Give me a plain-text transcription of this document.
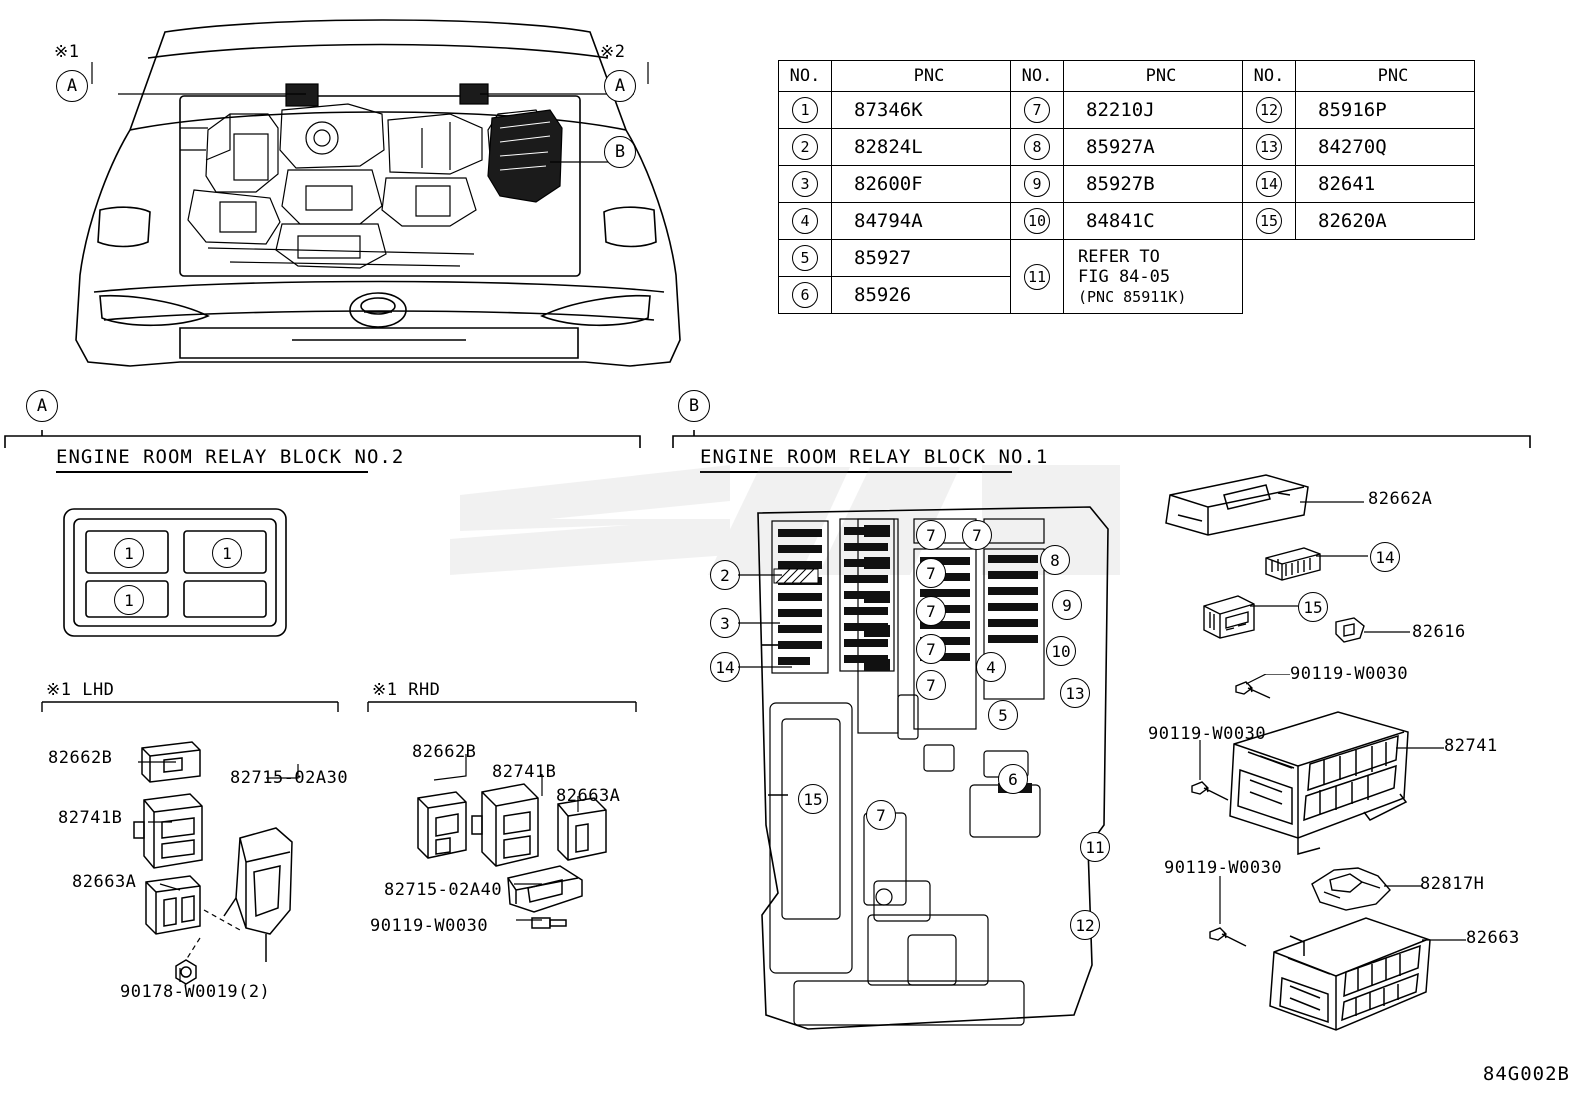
※1	※2
A	A
B
NO.	PNC	NO.	PNC	NO.	PNC
1	87346K	7	82210J	12	85916P
2	82824L	8	85927A	13	84270Q
3	82600F	9	85927B	14	82641
4	84794A	10	84841C	15	82620A
5	85927	11	REFER TO
FIG 84-05
(PNC 85911K)		

6	85926				
A
ENGINE ROOM RELAY BLOCK NO.2
1	1
1
※1 LHD
82662B
82741B
82663A
82715-02A30
90178-W0019(2)
※1 RHD
82662B
82741B
82663A
82715-02A40
90119-W0030
B
ENGINE ROOM RELAY BLOCK NO.1
2
3
14
7 7
7
7
7
7
7
8
9
10
13
4
5
6
11
12
15
82662A
14
15
82616
82741
90119-W0030
90119-W0030
90119-W0030
82817H
82663
84G002B
